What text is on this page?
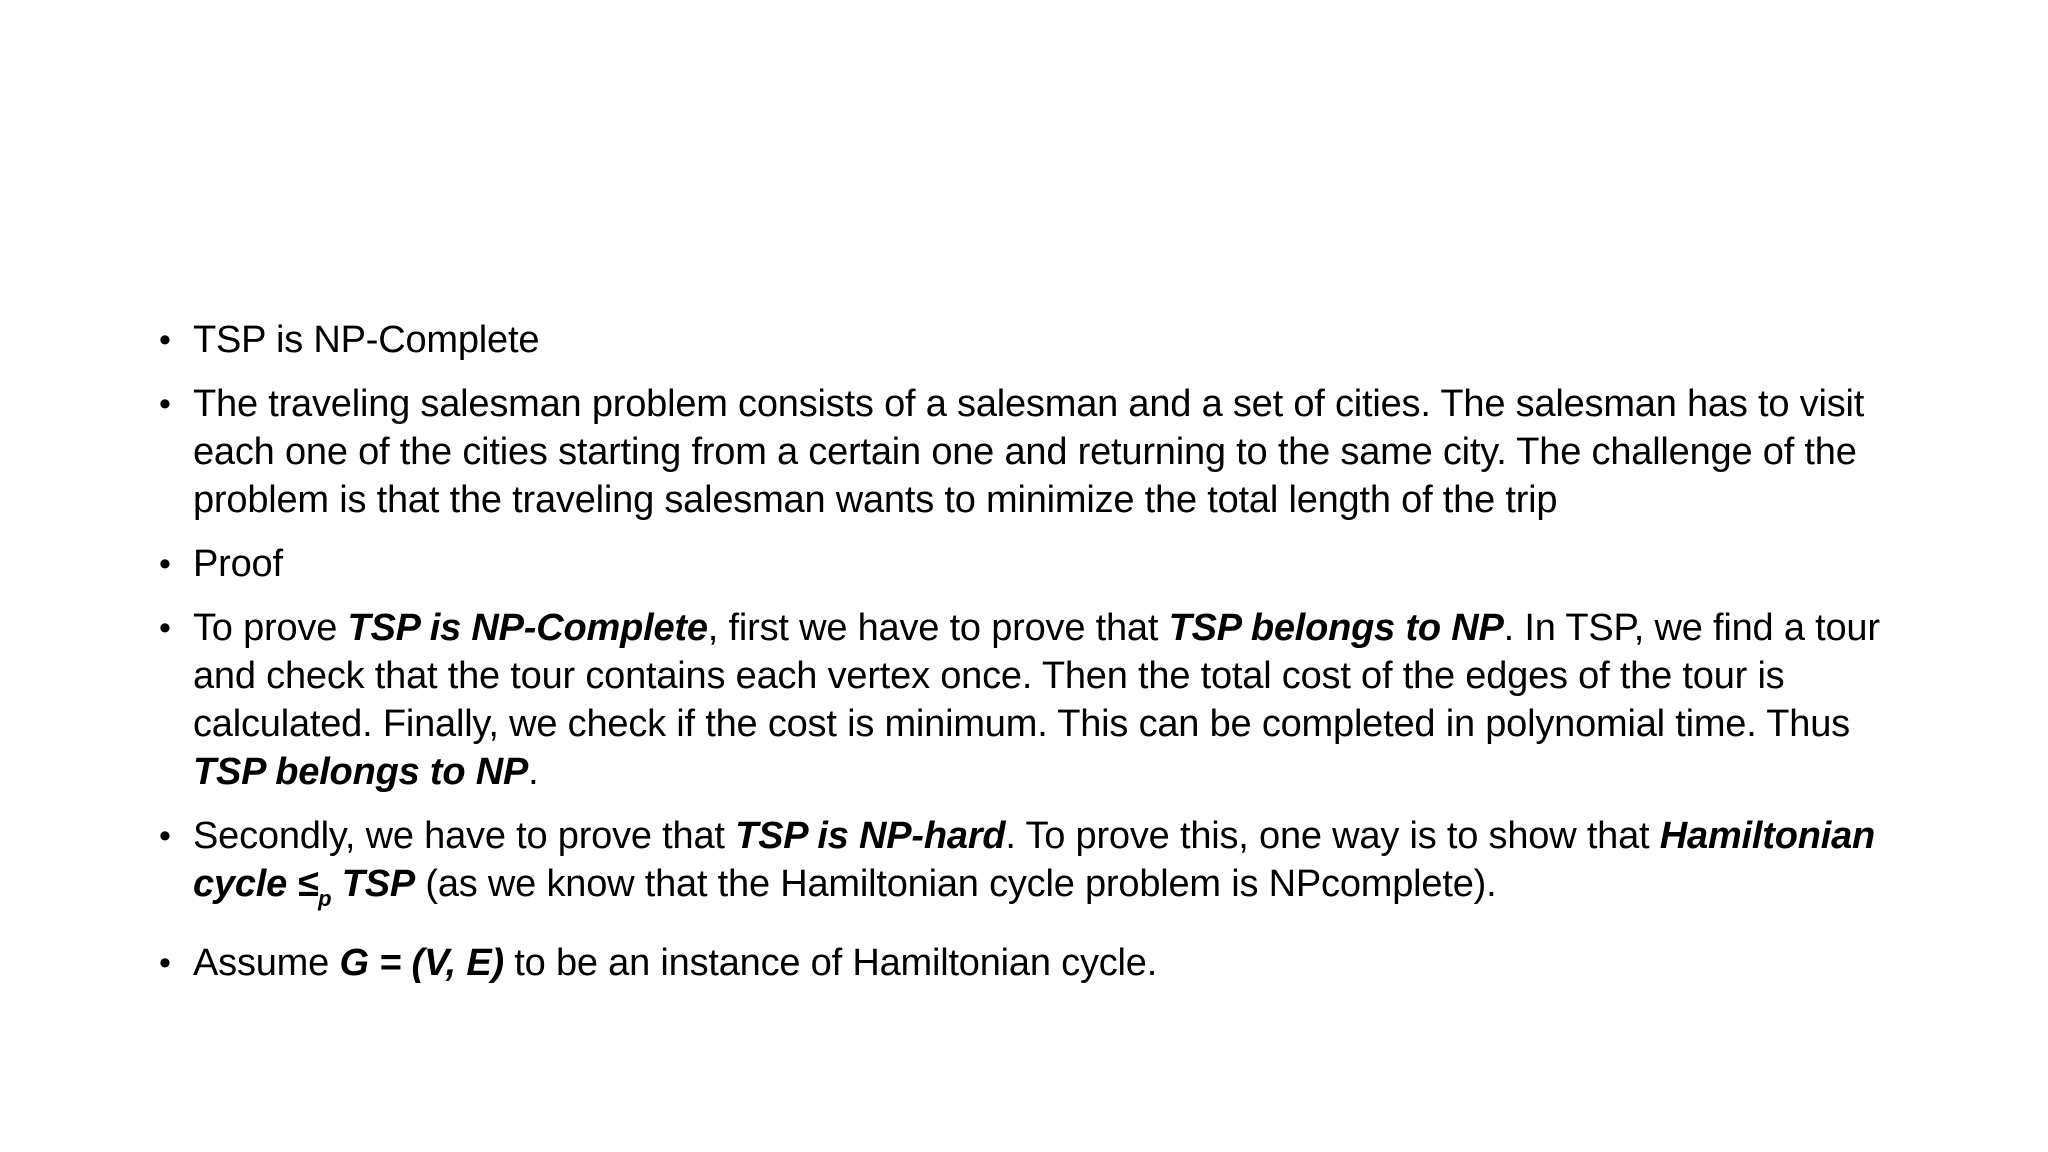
• TSP is NP-Complete
• The traveling salesman problem consists of a salesman and a set of cities. The salesman has to visit each one of the cities starting from a certain one and returning to the same city. The challenge of the problem is that the traveling salesman wants to minimize the total length of the trip
• Proof
• To prove TSP is NP-Complete, first we have to prove that TSP belongs to NP. In TSP, we find a tour and check that the tour contains each vertex once. Then the total cost of the edges of the tour is calculated. Finally, we check if the cost is minimum. This can be completed in polynomial time. Thus TSP belongs to NP.
• Secondly, we have to prove that TSP is NP-hard. To prove this, one way is to show that Hamiltonian cycle $\le_p$ TSP (as we know that the Hamiltonian cycle problem is NPcomplete).
• Assume G = (V, E) to be an instance of Hamiltonian cycle.
